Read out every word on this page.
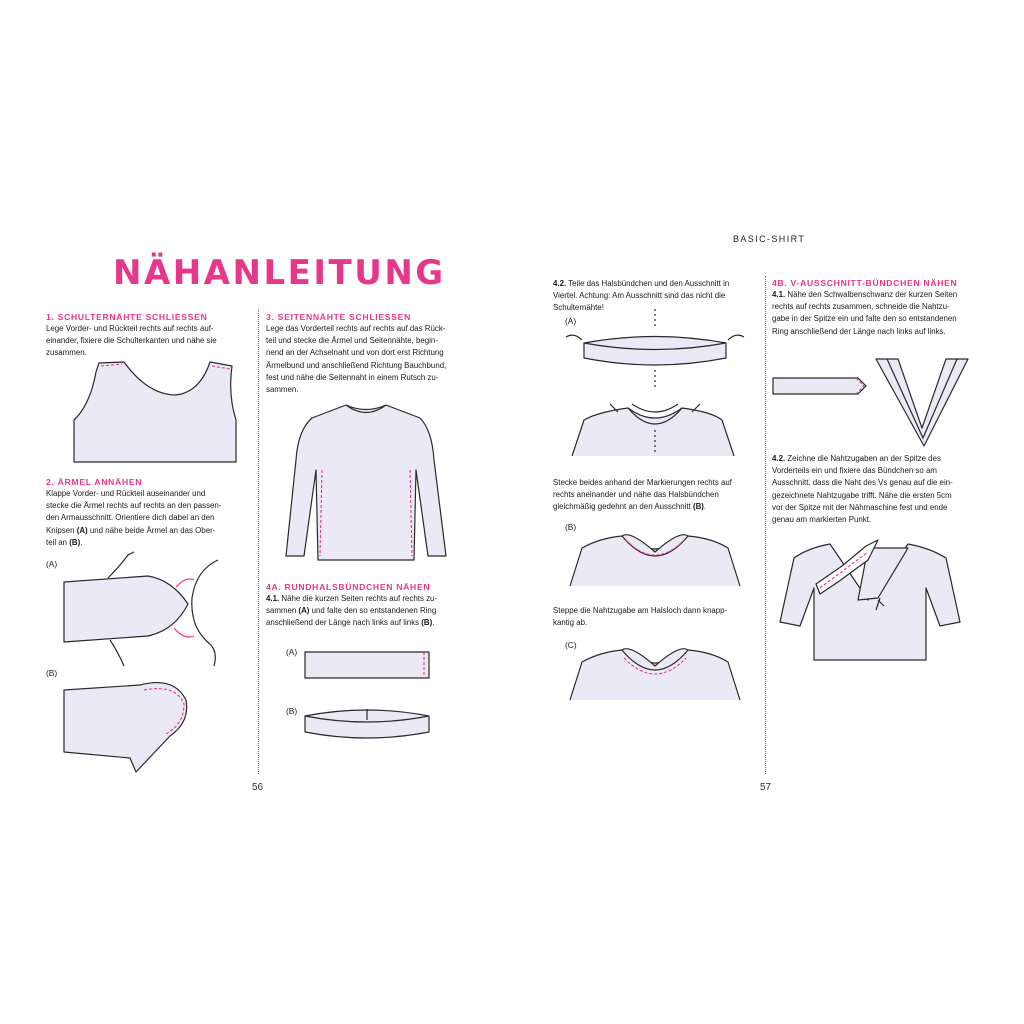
BASIC-SHIRT
NÄHANLEITUNG
56	57
1. SCHULTERNÄHTE SCHLIESSEN
Lege Vorder- und Rückteil rechts auf rechts auf-
einander, fixiere die Schulterkanten und nähe sie
zusammen.
2. ÄRMEL ANNÄHEN
Klappe Vorder- und Rückteil auseinander und
stecke die Ärmel rechts auf rechts an den passen-
den Armausschnitt. Orientiere dich dabei an den
Knipsen (A) und nähe beide Ärmel an das Ober-
teil an (B).
(A)
(B)
3. SEITENNÄHTE SCHLIESSEN
Lege das Vorderteil rechts auf rechts auf das Rück-
teil und stecke die Ärmel und Seitennähte, begin-
nend an der Achselnaht und von dort erst Richtung
Ärmelbund und anschließend Richtung Bauchbund,
fest und nähe die Seitennaht in einem Rutsch zu-
sammen.
4A. RUNDHALSBÜNDCHEN NÄHEN
4.1. Nähe die kurzen Seiten rechts auf rechts zu-
sammen (A) und falte den so entstandenen Ring
anschließend der Länge nach links auf links (B).
(A)
(B)
4.2. Teile das Halsbündchen und den Ausschnitt in
Viertel. Achtung: Am Ausschnitt sind das nicht die
Schulternähte!
(A)
Stecke beides anhand der Markierungen rechts auf
rechts aneinander und nähe das Halsbündchen
gleichmäßig gedehnt an den Ausschnitt (B).
(B)
Steppe die Nahtzugabe am Halsloch dann knapp-
kantig ab.
(C)
4B. V-AUSSCHNITT-BÜNDCHEN NÄHEN
4.1. Nähe den Schwalbenschwanz der kurzen Seiten
rechts auf rechts zusammen, schneide die Nahtzu-
gabe in der Spitze ein und falte den so entstandenen
Ring anschließend der Länge nach links auf links.
4.2. Zeichne die Nahtzugaben an der Spitze des
Vorderteils ein und fixiere das Bündchen so am
Ausschnitt, dass die Naht des Vs genau auf die ein-
gezeichnete Nahtzugabe trifft. Nähe die ersten 5cm
vor der Spitze mit der Nähmaschine fest und ende
genau am markierten Punkt.
